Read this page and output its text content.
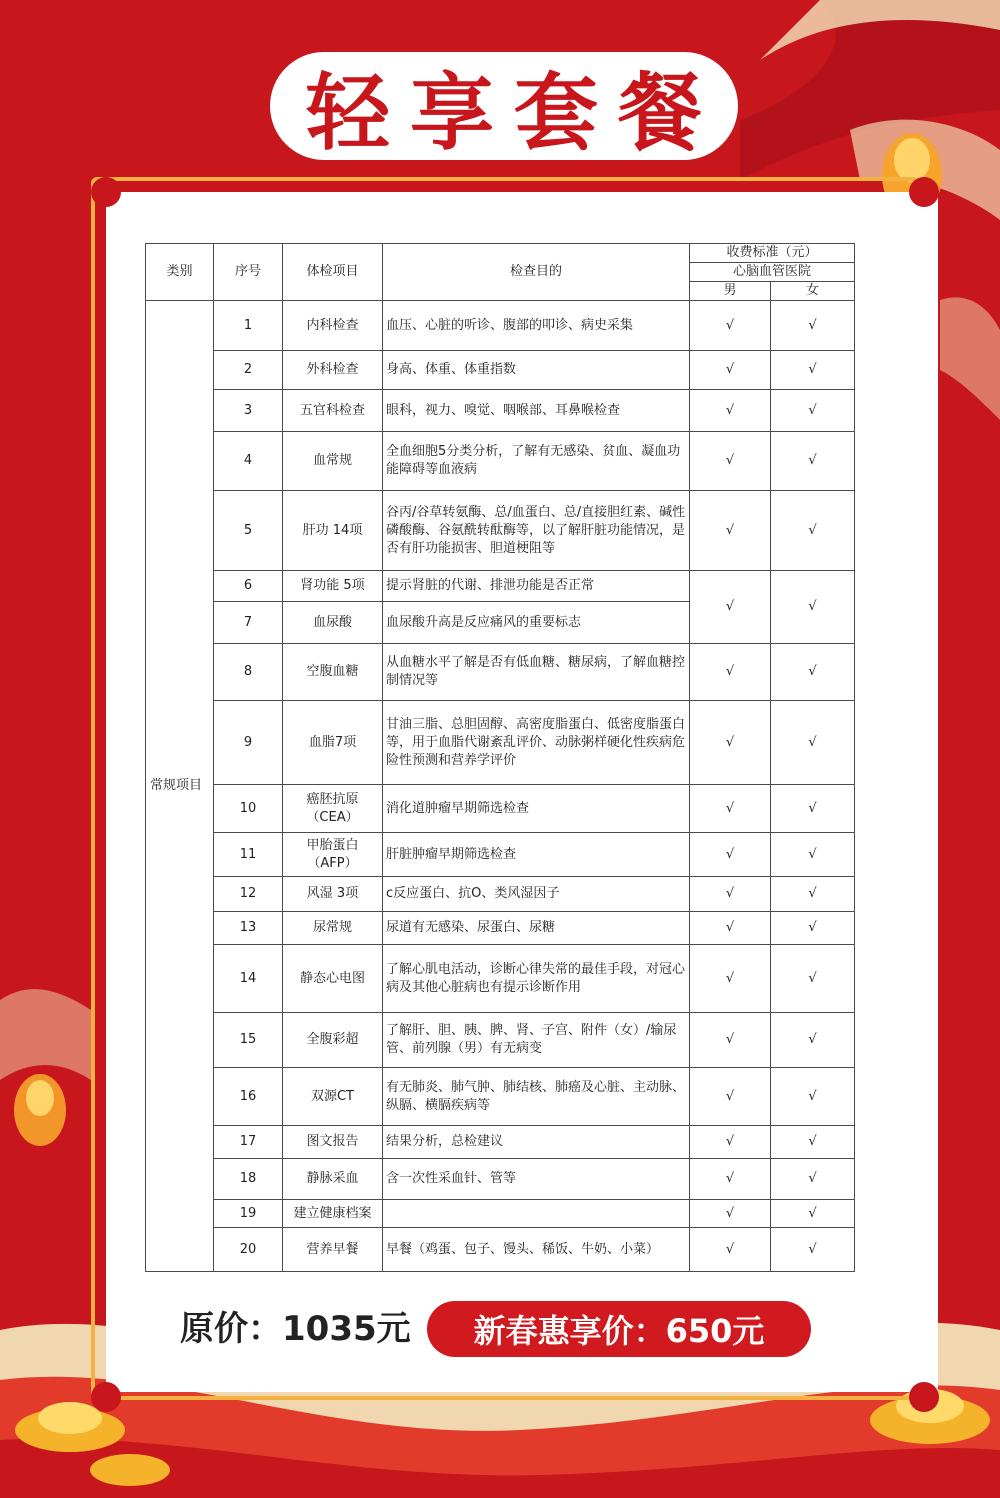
轻 享 套 餐
类别	序号	体检项目	检查目的	收费标准（元）	
				心脑血管医院	
				男	女
常规项目	1	内科检查	血压、心脏的听诊、腹部的叩诊、病史采集	√	√
	2	外科检查	身高、体重、体重指数	√	√
	3	五官科检查	眼科，视力、嗅觉、咽喉部、耳鼻喉检查	√	√
	4	血常规	全血细胞5分类分析，了解有无感染、贫血、凝血功能障碍等血液病	√	√
	5	肝功 14项	谷丙/谷草转氨酶、总/血蛋白、总/直接胆红素、碱性磷酸酶、谷氨酰转酞酶等，以了解肝脏功能情况，是否有肝功能损害、胆道梗阻等	√	√
	6	肾功能 5项	提示肾脏的代谢、排泄功能是否正常	√	√
	7	血尿酸	血尿酸升高是反应痛风的重要标志		
	8	空腹血糖	从血糖水平了解是否有低血糖、糖尿病，了解血糖控制情况等	√	√
	9	血脂7项	甘油三脂、总胆固醇、高密度脂蛋白、低密度脂蛋白等，用于血脂代谢紊乱评价、动脉粥样硬化性疾病危险性预测和营养学评价	√	√
	10	癌胚抗原（CEA）	消化道肿瘤早期筛选检查	√	√
	11	甲胎蛋白（AFP）	肝脏肿瘤早期筛选检查	√	√
	12	风湿 3项	c反应蛋白、抗O、类风湿因子	√	√
	13	尿常规	尿道有无感染、尿蛋白、尿糖	√	√
	14	静态心电图	了解心肌电活动，诊断心律失常的最佳手段，对冠心病及其他心脏病也有提示诊断作用	√	√
	15	全腹彩超	了解肝、胆、胰、脾、肾、子宫、附件（女）/输尿管、前列腺（男）有无病变	√	√
	16	双源CT	有无肺炎、肺气肿、肺结核、肺癌及心脏、主动脉、纵膈、横膈疾病等	√	√
	17	图文报告	结果分析，总检建议	√	√
	18	静脉采血	含一次性采血针、管等	√	√
	19	建立健康档案		√	√
	20	营养早餐	早餐（鸡蛋、包子、馒头、稀饭、牛奶、小菜）	√	√
原价：1035元	新春惠享价：650元
